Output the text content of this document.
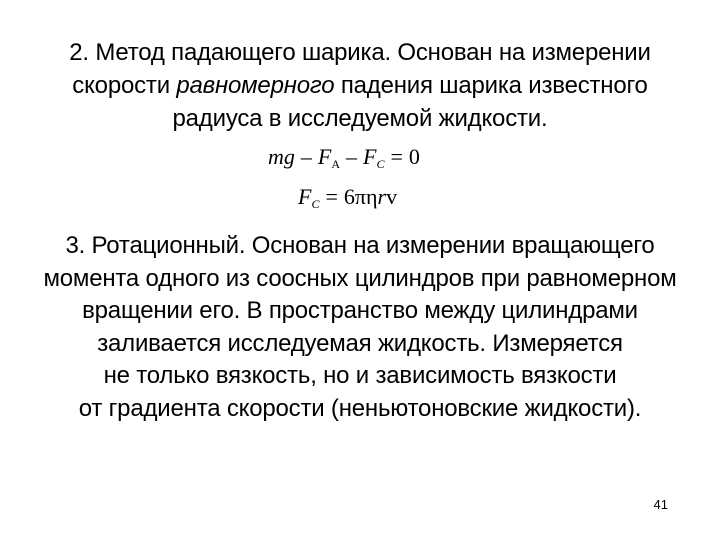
2. Метод падающего шарика. Основан на измерении
скорости равномерного падения шарика известного
радиуса в исследуемой жидкости.
mg – $F_A - F_C = 0$
$F_C = 6\pi\eta rv$
3. Ротационный. Основан на измерении вращающего
момента одного из соосных цилиндров при равномерном
вращении его. В пространство между цилиндрами
заливается исследуемая жидкость. Измеряется
не только вязкость, но и зависимость вязкости
от градиента скорости (неньютоновские жидкости).
41
